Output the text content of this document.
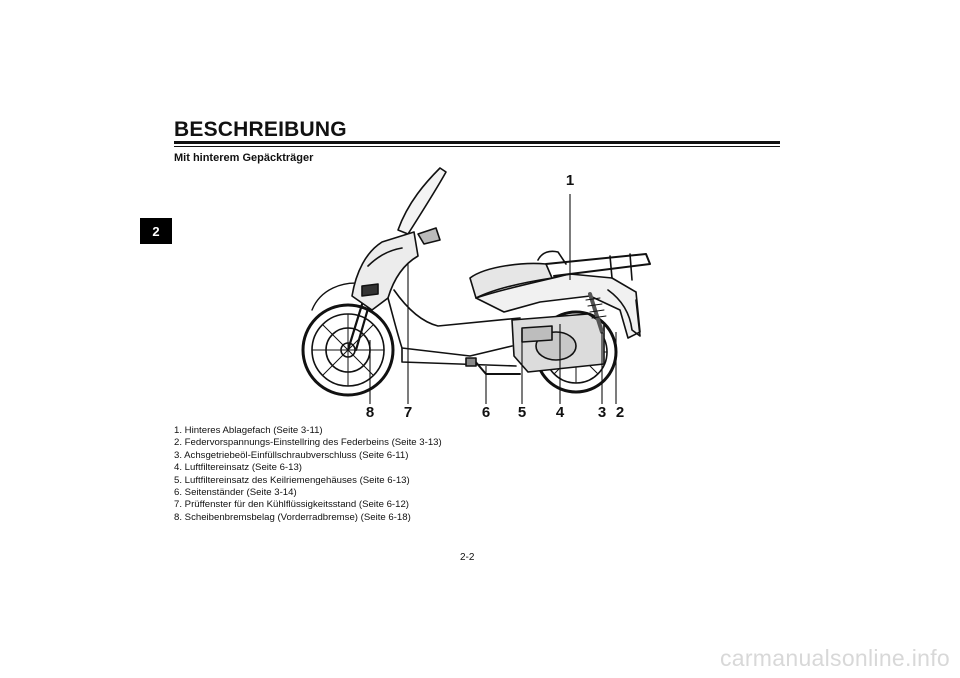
2
BESCHREIBUNG
Mit hinterem Gepäckträger
1
2
3
4
5
6
7
8
1. Hinteres Ablagefach (Seite 3-11)
2. Federvorspannungs-Einstellring des Federbeins (Seite 3-13)
3. Achsgetriebeöl-Einfüllschraubverschluss (Seite 6-11)
4. Luftfiltereinsatz (Seite 6-13)
5. Luftfiltereinsatz des Keilriemengehäuses (Seite 6-13)
6. Seitenständer (Seite 3-14)
7. Prüffenster für den Kühlflüssigkeitsstand (Seite 6-12)
8. Scheibenbremsbelag (Vorderradbremse) (Seite 6-18)
2-2
carmanualsonline.info
